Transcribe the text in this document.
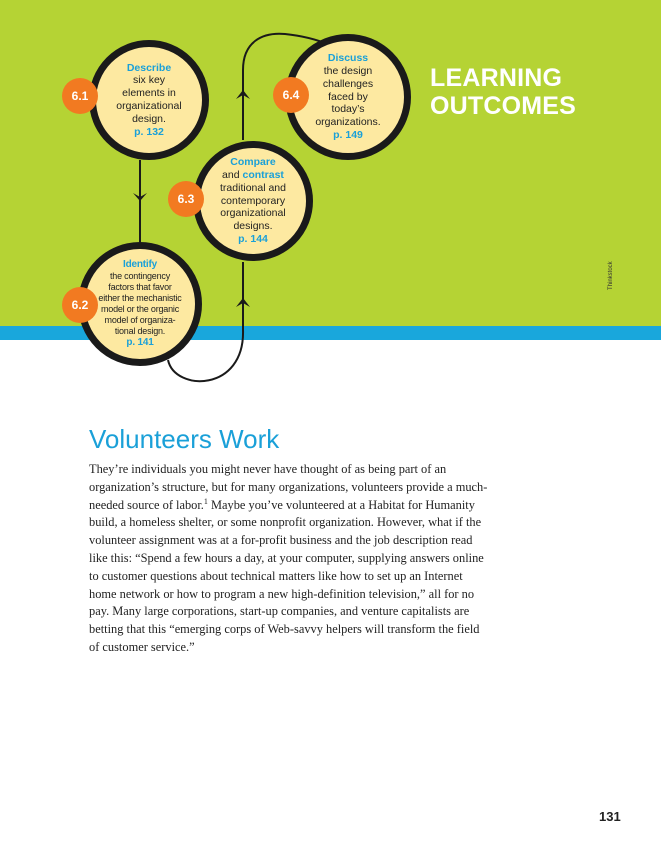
Describe
six key
elements in
organizational
design.
p. 132
6.1
Discuss
the design
challenges
faced by
today’s
organizations.
p. 149
6.4
Compare
and contrast
traditional and
contemporary
organizational
designs.
p. 144
6.3
Identify
the contingency
factors that favor
either the mechanistic
model or the organic
model of organiza-
tional design.
p. 141
6.2
LEARNING
OUTCOMES
Thinkstock
Volunteers Work
They’re individuals you might never have thought of as being part of an organization’s structure, but for many organizations, volunteers provide a much-needed source of labor.$^1$ Maybe you’ve volunteered at a Habitat for Humanity build, a homeless shelter, or some nonprofit organization. However, what if the volunteer assignment was at a for-profit business and the job description read like this: “Spend a few hours a day, at your computer, supplying answers online to customer questions about technical matters like how to set up an Internet home network or how to program a new high-definition television,” all for no pay. Many large corporations, start-up companies, and venture capitalists are betting that this “emerging corps of Web-savvy helpers will transform the field of customer service.”
131
